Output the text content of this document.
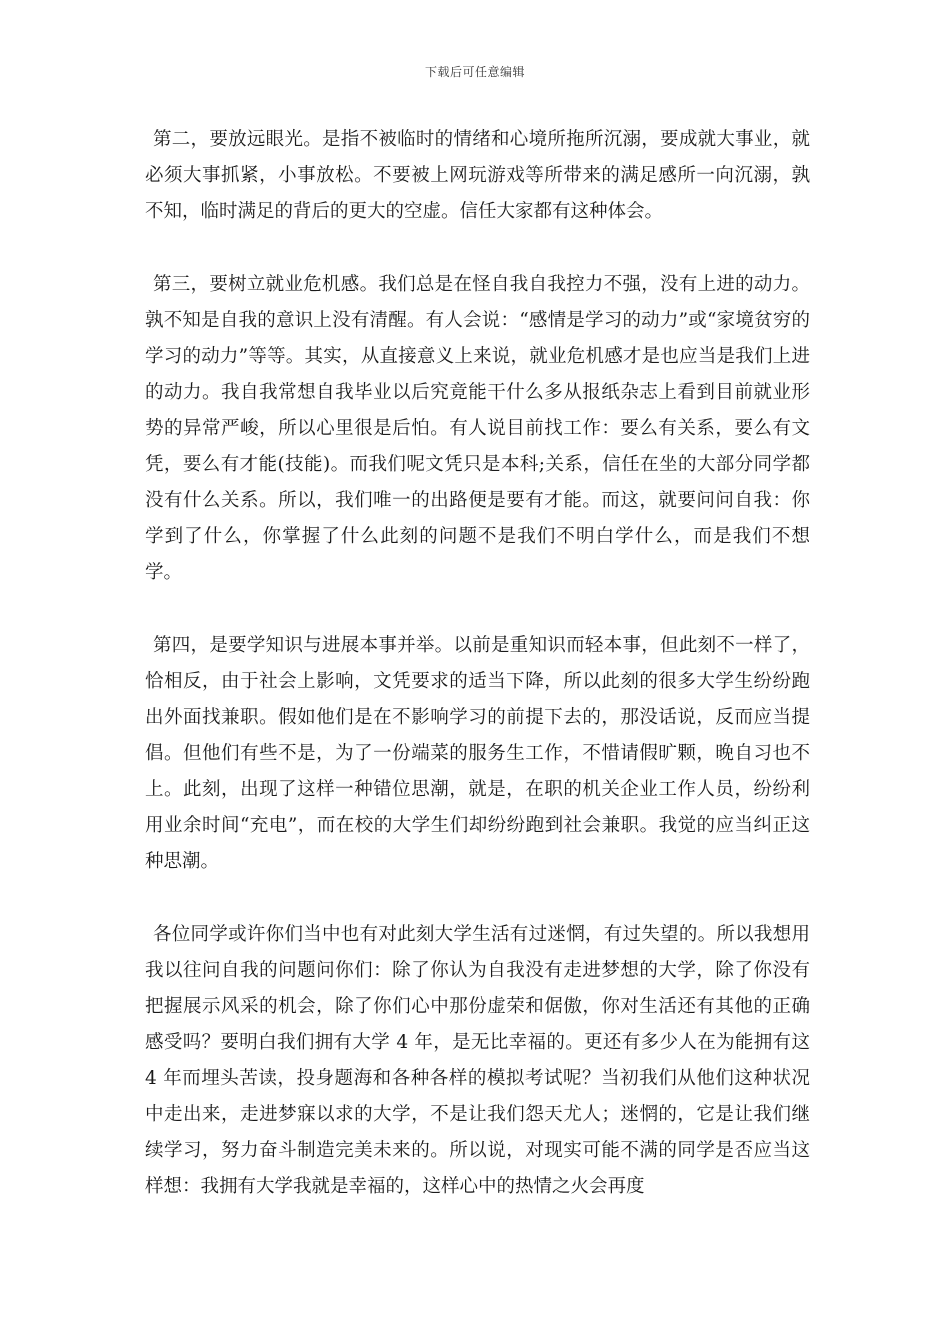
下载后可任意编辑

第二，要放远眼光。是指不被临时的情绪和心境所拖所沉溺，要成就大事业，就必须大事抓紧，小事放松。不要被上网玩游戏等所带来的满足感所一向沉溺，孰不知，临时满足的背后的更大的空虚。信任大家都有这种体会。

第三，要树立就业危机感。我们总是在怪自我自我控力不强，没有上进的动力。孰不知是自我的意识上没有清醒。有人会说：“感情是学习的动力”或“家境贫穷的学习的动力”等等。其实，从直接意义上来说，就业危机感才是也应当是我们上进的动力。我自我常想自我毕业以后究竟能干什么多从报纸杂志上看到目前就业形势的异常严峻，所以心里很是后怕。有人说目前找工作：要么有关系，要么有文凭，要么有才能(技能)。而我们呢文凭只是本科;关系，信任在坐的大部分同学都没有什么关系。所以，我们唯一的出路便是要有才能。而这，就要问问自我：你学到了什么，你掌握了什么此刻的问题不是我们不明白学什么，而是我们不想学。

第四，是要学知识与进展本事并举。以前是重知识而轻本事，但此刻不一样了，恰相反，由于社会上影响，文凭要求的适当下降，所以此刻的很多大学生纷纷跑出外面找兼职。假如他们是在不影响学习的前提下去的，那没话说，反而应当提倡。但他们有些不是，为了一份端菜的服务生工作，不惜请假旷颗，晚自习也不上。此刻，出现了这样一种错位思潮，就是，在职的机关企业工作人员，纷纷利用业余时间“充电”，而在校的大学生们却纷纷跑到社会兼职。我觉的应当纠正这种思潮。

各位同学或许你们当中也有对此刻大学生活有过迷惘，有过失望的。所以我想用我以往问自我的问题问你们：除了你认为自我没有走进梦想的大学，除了你没有把握展示风采的机会，除了你们心中那份虚荣和倨傲，你对生活还有其他的正确感受吗？要明白我们拥有大学 4 年，是无比幸福的。更还有多少人在为能拥有这 4 年而埋头苦读，投身题海和各种各样的模拟考试呢？当初我们从他们这种状况中走出来，走进梦寐以求的大学，不是让我们怨天尤人；迷惘的，它是让我们继续学习，努力奋斗制造完美未来的。所以说，对现实可能不满的同学是否应当这样想：我拥有大学我就是幸福的，这样心中的热情之火会再度
